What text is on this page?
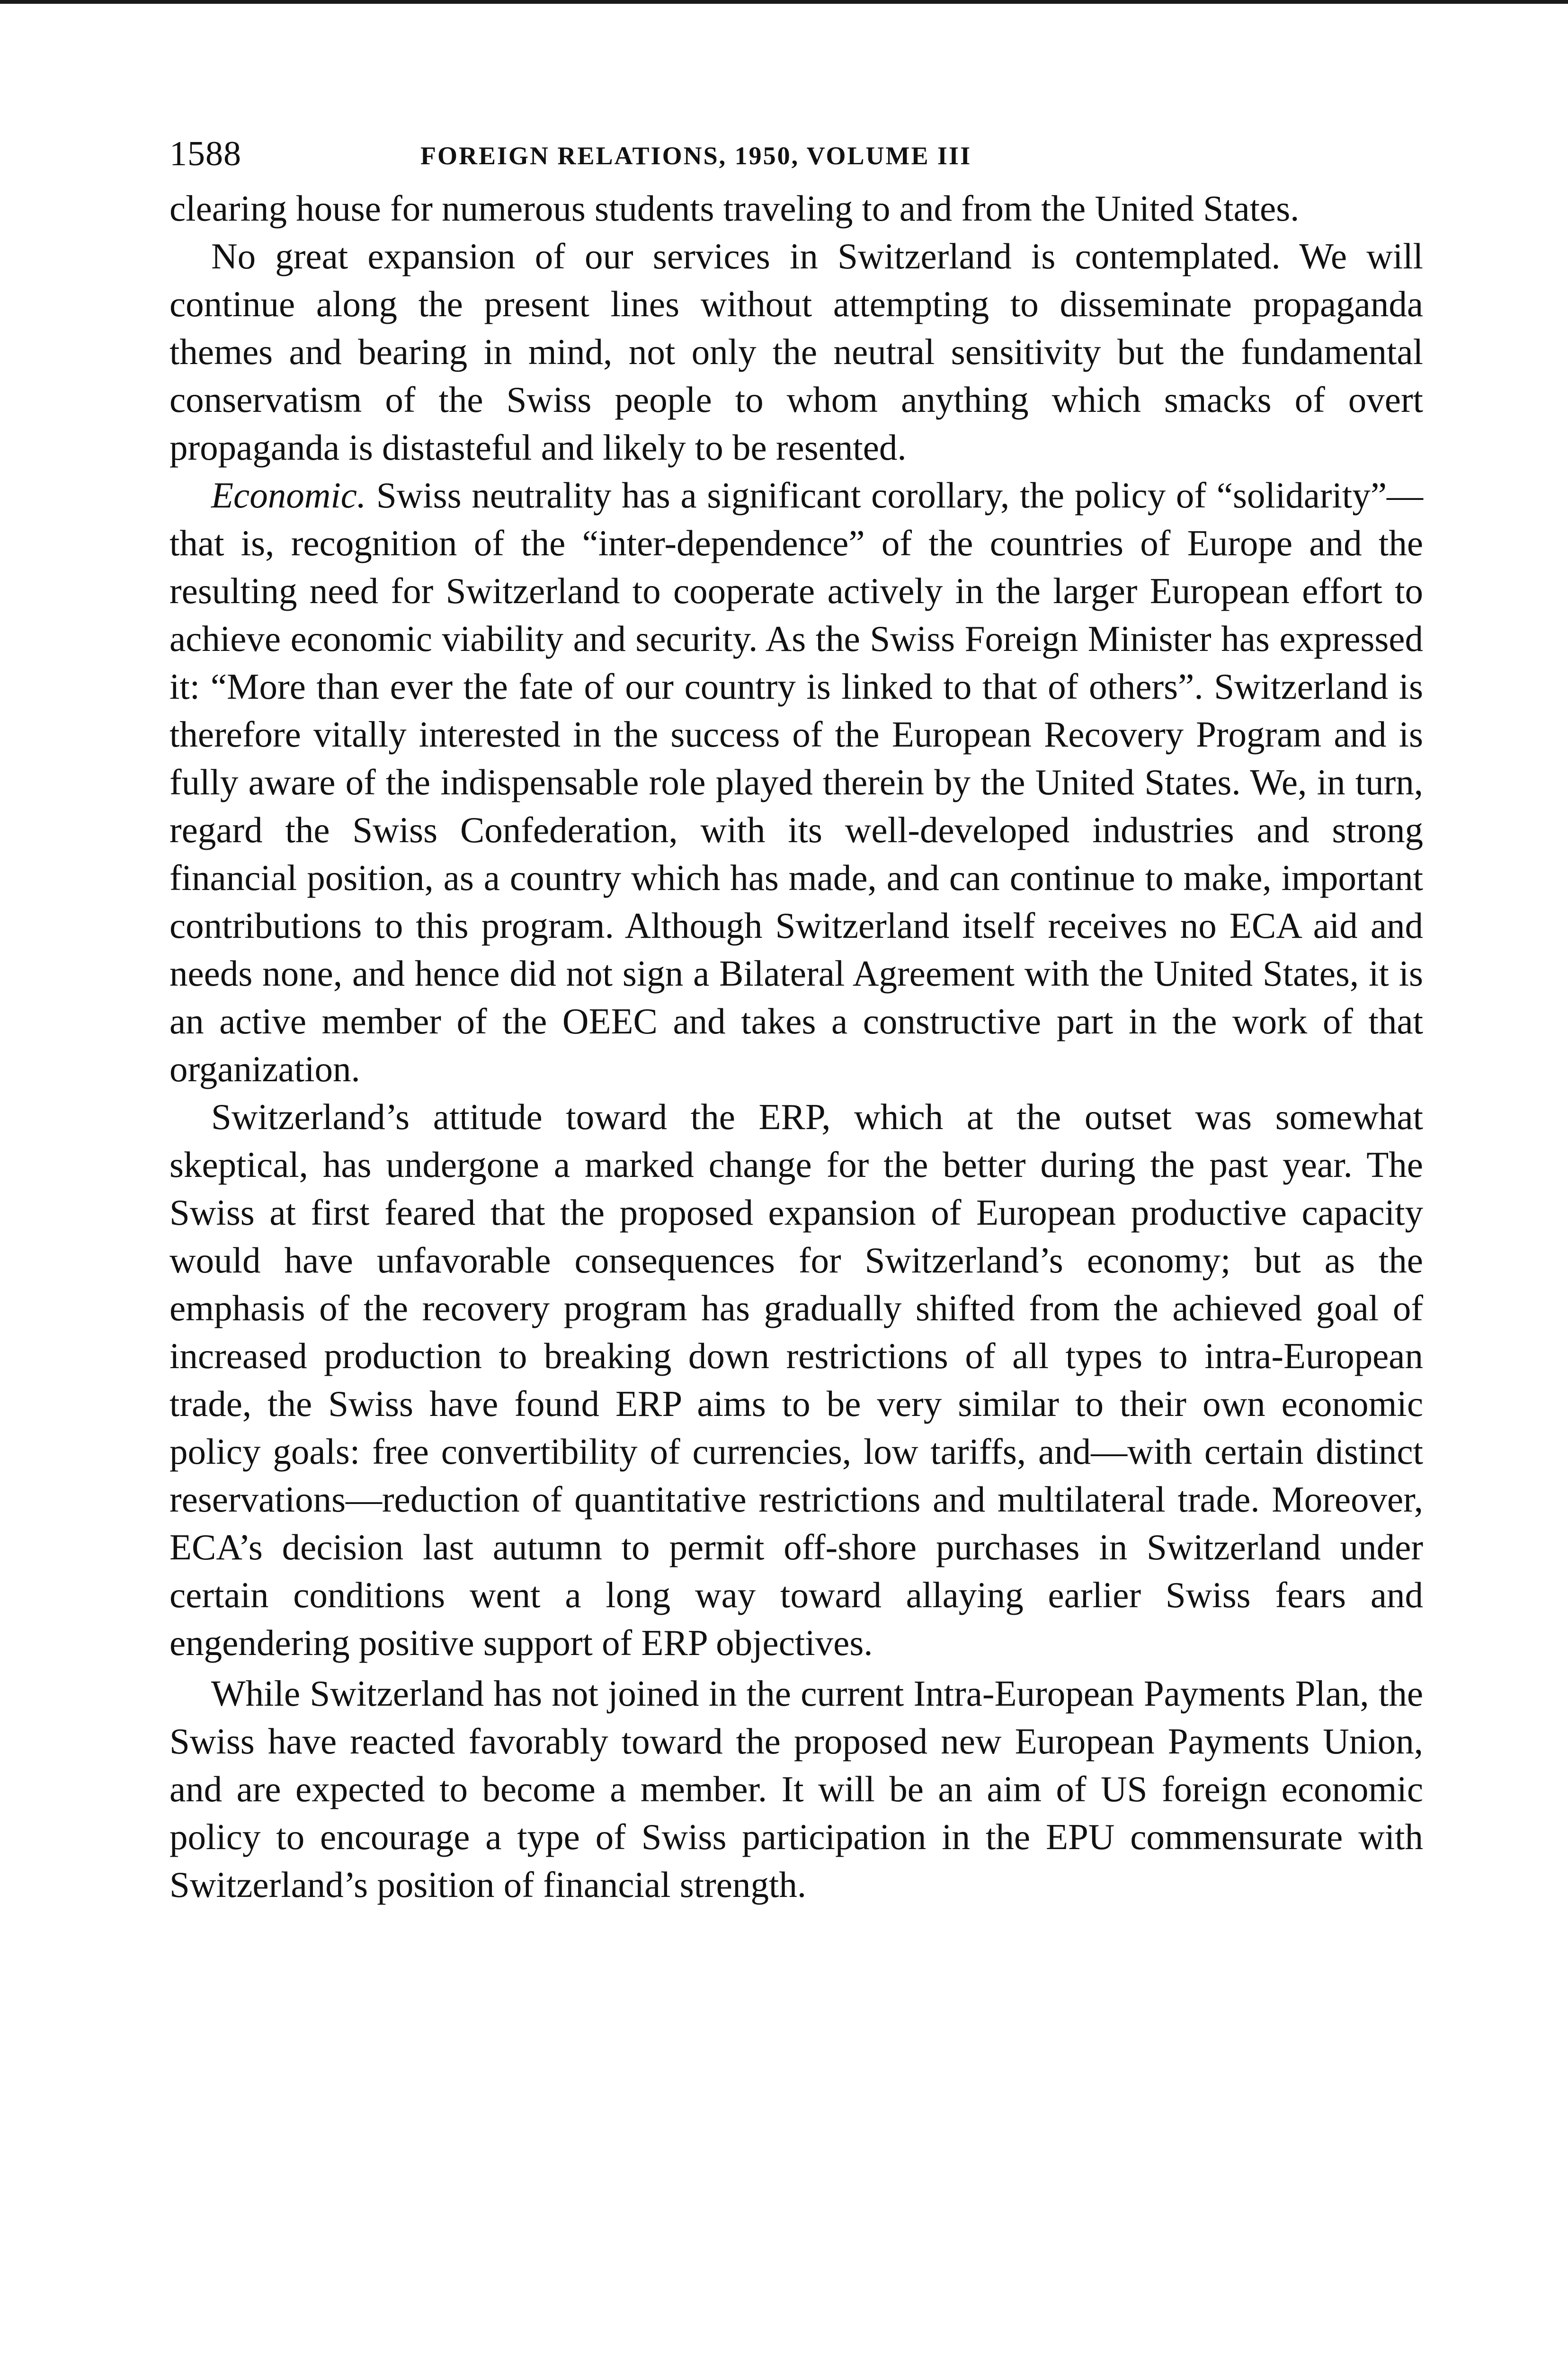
1588	FOREIGN RELATIONS, 1950, VOLUME III

clearing house for numerous students traveling to and from the United States.

No great expansion of our services in Switzerland is contemplated. We will continue along the present lines without attempting to disseminate propaganda themes and bearing in mind, not only the neutral sensitivity but the fundamental conservatism of the Swiss people to whom anything which smacks of overt propaganda is distasteful and likely to be resented.

Economic. Swiss neutrality has a significant corollary, the policy of “solidarity”—that is, recognition of the “inter-dependence” of the countries of Europe and the resulting need for Switzerland to cooperate actively in the larger European effort to achieve economic viability and security. As the Swiss Foreign Minister has expressed it: “More than ever the fate of our country is linked to that of others”. Switzerland is therefore vitally interested in the success of the European Recovery Program and is fully aware of the indispensable role played therein by the United States. We, in turn, regard the Swiss Confederation, with its well-developed industries and strong financial position, as a country which has made, and can continue to make, important contributions to this program. Although Switzerland itself receives no ECA aid and needs none, and hence did not sign a Bilateral Agreement with the United States, it is an active member of the OEEC and takes a constructive part in the work of that organization.

Switzerland’s attitude toward the ERP, which at the outset was somewhat skeptical, has undergone a marked change for the better during the past year. The Swiss at first feared that the proposed expansion of European productive capacity would have unfavorable consequences for Switzerland’s economy; but as the emphasis of the recovery program has gradually shifted from the achieved goal of increased production to breaking down restrictions of all types to intra-European trade, the Swiss have found ERP aims to be very similar to their own economic policy goals: free convertibility of currencies, low tariffs, and—with certain distinct reservations—reduction of quantitative restrictions and multilateral trade. Moreover, ECA’s decision last autumn to permit off-shore purchases in Switzerland under certain conditions went a long way toward allaying earlier Swiss fears and engendering positive support of ERP objectives.

While Switzerland has not joined in the current Intra-European Payments Plan, the Swiss have reacted favorably toward the proposed new European Payments Union, and are expected to become a member. It will be an aim of US foreign economic policy to encourage a type of Swiss participation in the EPU commensurate with Switzerland’s position of financial strength.
